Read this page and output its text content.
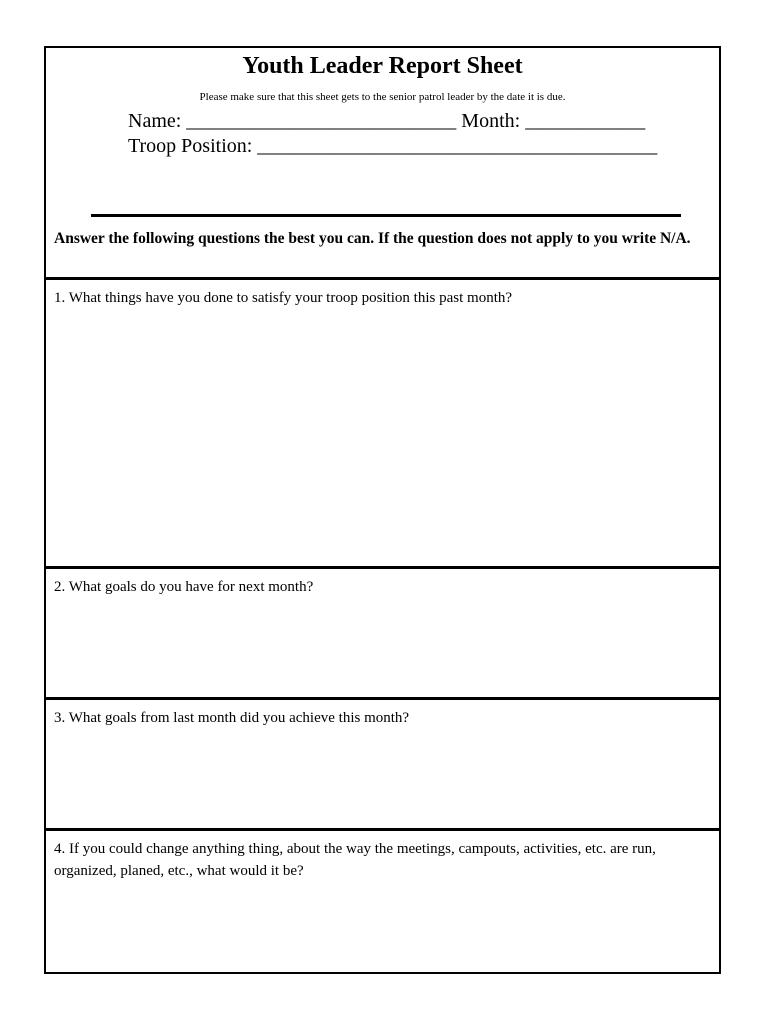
Youth Leader Report Sheet
Please make sure that this sheet gets to the senior patrol leader by the date it is due.
Name: ___________________________ Month: ____________
Troop Position: ________________________________________
Answer the following questions the best you can. If the question does not apply to you write N/A.
1. What things have you done to satisfy your troop position this past month?
2. What goals do you have for next month?
3. What goals from last month did you achieve this month?
4. If you could change anything thing, about the way the meetings, campouts, activities, etc. are run, organized, planed, etc., what would it be?
